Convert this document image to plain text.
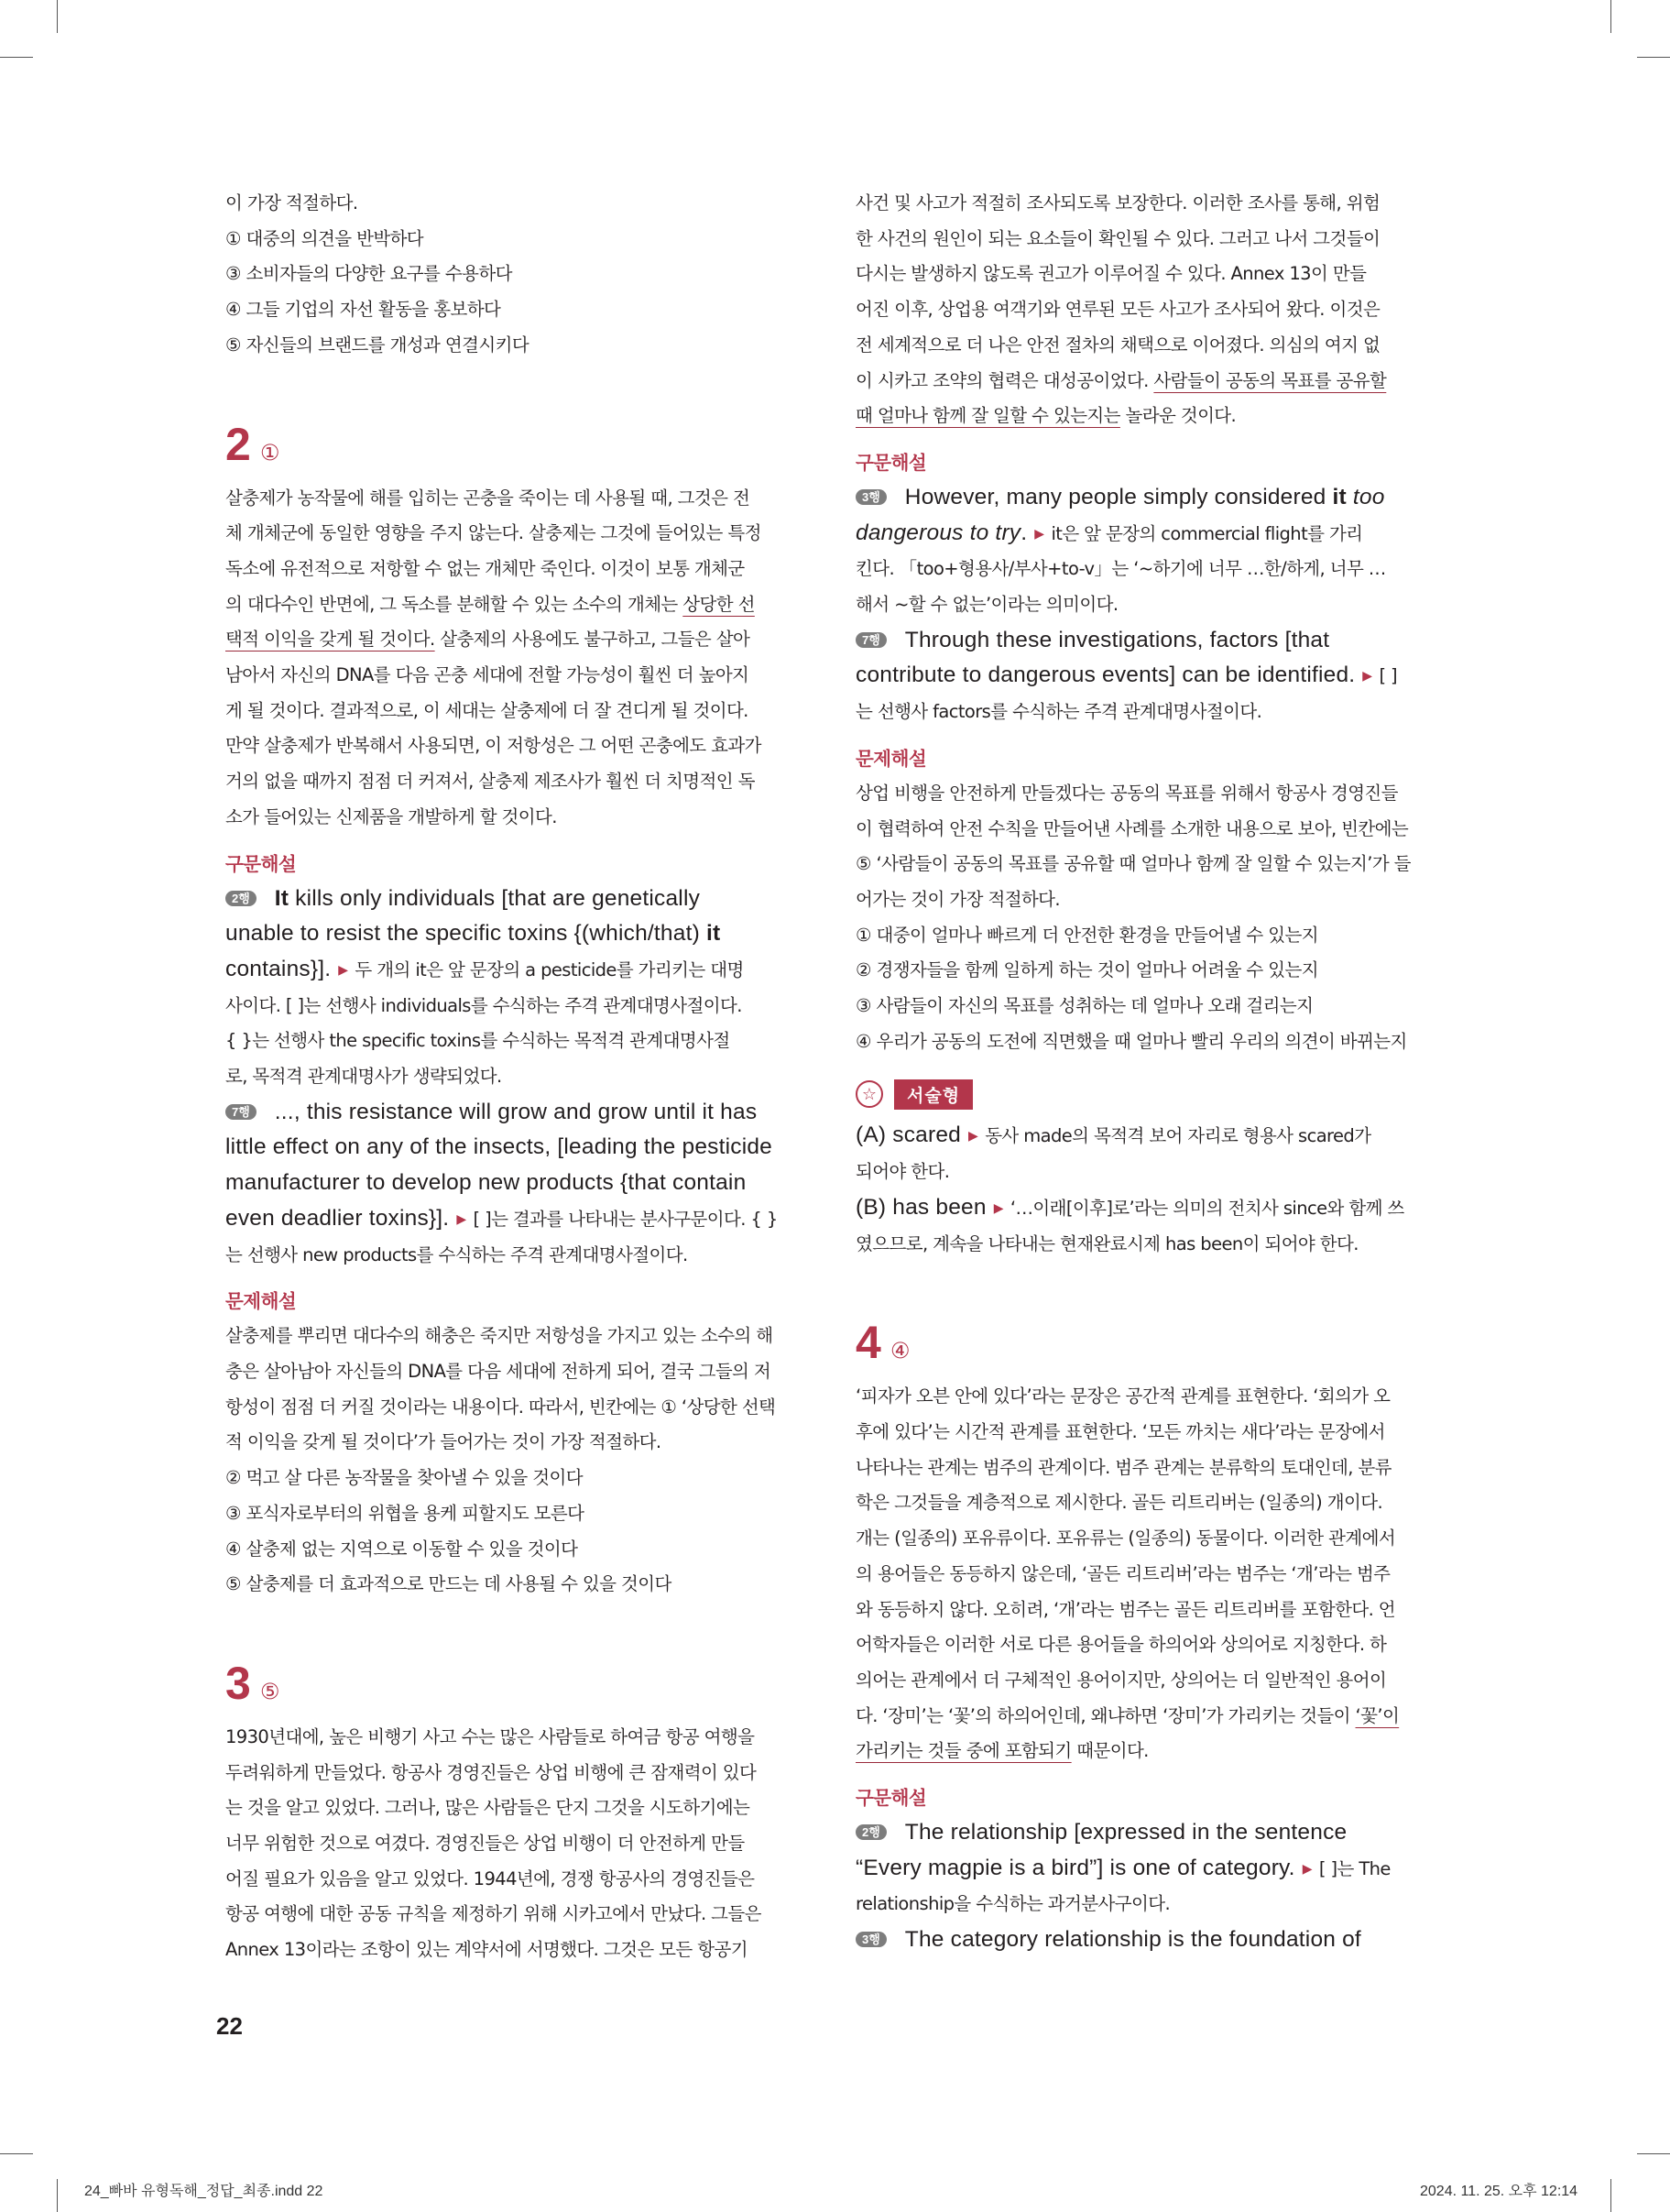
이 가장 적절하다.
① 대중의 의견을 반박하다
③ 소비자들의 다양한 요구를 수용하다
④ 그들 기업의 자선 활동을 홍보하다
⑤ 자신들의 브랜드를 개성과 연결시키다
2 ①
살충제가 농작물에 해를 입히는 곤충을 죽이는 데 사용될 때, 그것은 전
체 개체군에 동일한 영향을 주지 않는다. 살충제는 그것에 들어있는 특정
독소에 유전적으로 저항할 수 없는 개체만 죽인다. 이것이 보통 개체군
의 대다수인 반면에, 그 독소를 분해할 수 있는 소수의 개체는 상당한 선
택적 이익을 갖게 될 것이다. 살충제의 사용에도 불구하고, 그들은 살아
남아서 자신의 DNA를 다음 곤충 세대에 전할 가능성이 훨씬 더 높아지
게 될 것이다. 결과적으로, 이 세대는 살충제에 더 잘 견디게 될 것이다.
만약 살충제가 반복해서 사용되면, 이 저항성은 그 어떤 곤충에도 효과가
거의 없을 때까지 점점 더 커져서, 살충제 제조사가 훨씬 더 치명적인 독
소가 들어있는 신제품을 개발하게 할 것이다.
구문해설
2행 It kills only individuals [that are genetically
unable to resist the specific toxins {(which/that) it
contains}]. ▶ 두 개의 it은 앞 문장의 a pesticide를 가리키는 대명
사이다. [ ]는 선행사 individuals를 수식하는 주격 관계대명사절이다.
{ }는 선행사 the specific toxins를 수식하는 목적격 관계대명사절
로, 목적격 관계대명사가 생략되었다.
7행 ..., this resistance will grow and grow until it has
little effect on any of the insects, [leading the pesticide
manufacturer to develop new products {that contain
even deadlier toxins}]. ▶ [ ]는 결과를 나타내는 분사구문이다. { }
는 선행사 new products를 수식하는 주격 관계대명사절이다.
문제해설
살충제를 뿌리면 대다수의 해충은 죽지만 저항성을 가지고 있는 소수의 해
충은 살아남아 자신들의 DNA를 다음 세대에 전하게 되어, 결국 그들의 저
항성이 점점 더 커질 것이라는 내용이다. 따라서, 빈칸에는 ① ‘상당한 선택
적 이익을 갖게 될 것이다’가 들어가는 것이 가장 적절하다.
② 먹고 살 다른 농작물을 찾아낼 수 있을 것이다
③ 포식자로부터의 위협을 용케 피할지도 모른다
④ 살충제 없는 지역으로 이동할 수 있을 것이다
⑤ 살충제를 더 효과적으로 만드는 데 사용될 수 있을 것이다
3 ⑤
1930년대에, 높은 비행기 사고 수는 많은 사람들로 하여금 항공 여행을
두려워하게 만들었다. 항공사 경영진들은 상업 비행에 큰 잠재력이 있다
는 것을 알고 있었다. 그러나, 많은 사람들은 단지 그것을 시도하기에는
너무 위험한 것으로 여겼다. 경영진들은 상업 비행이 더 안전하게 만들
어질 필요가 있음을 알고 있었다. 1944년에, 경쟁 항공사의 경영진들은
항공 여행에 대한 공동 규칙을 제정하기 위해 시카고에서 만났다. 그들은
Annex 13이라는 조항이 있는 계약서에 서명했다. 그것은 모든 항공기
사건 및 사고가 적절히 조사되도록 보장한다. 이러한 조사를 통해, 위험
한 사건의 원인이 되는 요소들이 확인될 수 있다. 그러고 나서 그것들이
다시는 발생하지 않도록 권고가 이루어질 수 있다. Annex 13이 만들
어진 이후, 상업용 여객기와 연루된 모든 사고가 조사되어 왔다. 이것은
전 세계적으로 더 나은 안전 절차의 채택으로 이어졌다. 의심의 여지 없
이 시카고 조약의 협력은 대성공이었다. 사람들이 공동의 목표를 공유할
때 얼마나 함께 잘 일할 수 있는지는 놀라운 것이다.
구문해설
3행 However, many people simply considered it too
dangerous to try. ▶ it은 앞 문장의 commercial flight를 가리
킨다. 「too+형용사/부사+to-v」는 ‘~하기에 너무 …한/하게, 너무 …
해서 ~할 수 없는’이라는 의미이다.
7행 Through these investigations, factors [that
contribute to dangerous events] can be identified. ▶ [ ]
는 선행사 factors를 수식하는 주격 관계대명사절이다.
문제해설
상업 비행을 안전하게 만들겠다는 공동의 목표를 위해서 항공사 경영진들
이 협력하여 안전 수칙을 만들어낸 사례를 소개한 내용으로 보아, 빈칸에는
⑤ ‘사람들이 공동의 목표를 공유할 때 얼마나 함께 잘 일할 수 있는지’가 들
어가는 것이 가장 적절하다.
① 대중이 얼마나 빠르게 더 안전한 환경을 만들어낼 수 있는지
② 경쟁자들을 함께 일하게 하는 것이 얼마나 어려울 수 있는지
③ 사람들이 자신의 목표를 성취하는 데 얼마나 오래 걸리는지
④ 우리가 공동의 도전에 직면했을 때 얼마나 빨리 우리의 의견이 바뀌는지
☆	서술형
(A) scared ▶ 동사 made의 목적격 보어 자리로 형용사 scared가
되어야 한다.
(B) has been ▶ ‘…이래[이후]로’라는 의미의 전치사 since와 함께 쓰
였으므로, 계속을 나타내는 현재완료시제 has been이 되어야 한다.
4 ④
‘피자가 오븐 안에 있다’라는 문장은 공간적 관계를 표현한다. ‘회의가 오
후에 있다’는 시간적 관계를 표현한다. ‘모든 까치는 새다’라는 문장에서
나타나는 관계는 범주의 관계이다. 범주 관계는 분류학의 토대인데, 분류
학은 그것들을 계층적으로 제시한다. 골든 리트리버는 (일종의) 개이다.
개는 (일종의) 포유류이다. 포유류는 (일종의) 동물이다. 이러한 관계에서
의 용어들은 동등하지 않은데, ‘골든 리트리버’라는 범주는 ‘개’라는 범주
와 동등하지 않다. 오히려, ‘개’라는 범주는 골든 리트리버를 포함한다. 언
어학자들은 이러한 서로 다른 용어들을 하의어와 상의어로 지칭한다. 하
의어는 관계에서 더 구체적인 용어이지만, 상의어는 더 일반적인 용어이
다. ‘장미’는 ‘꽃’의 하의어인데, 왜냐하면 ‘장미’가 가리키는 것들이 ‘꽃’이
가리키는 것들 중에 포함되기 때문이다.
구문해설
2행 The relationship [expressed in the sentence
“Every magpie is a bird”] is one of category. ▶ [ ]는 The
relationship을 수식하는 과거분사구이다.
3행 The category relationship is the foundation of
22
24_빠바 유형독해_정답_최종.indd 22	2024. 11. 25. 오후 12:14
